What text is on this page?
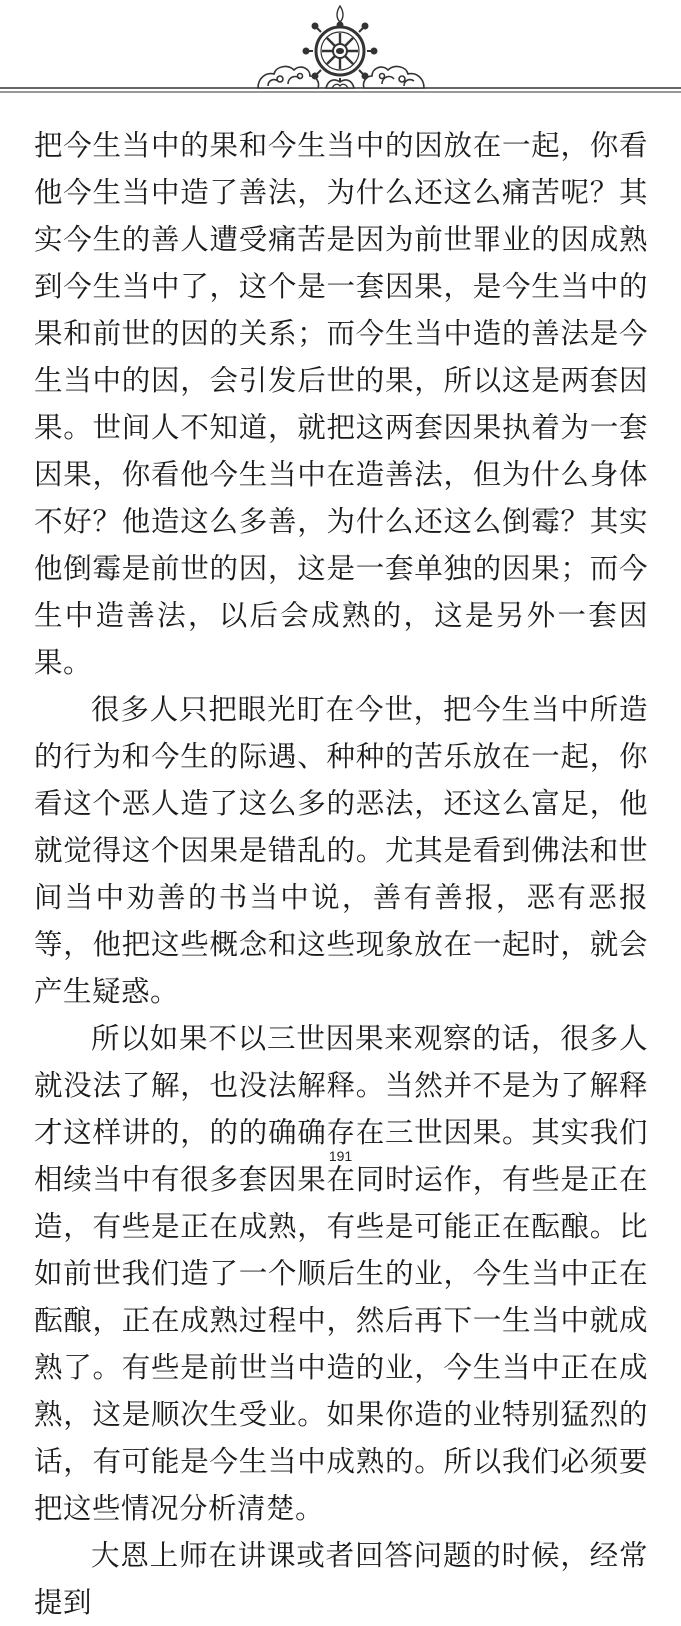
把今生当中的果和今生当中的因放在一起，你看他今生当中造了善法，为什么还这么痛苦呢？其实今生的善人遭受痛苦是因为前世罪业的因成熟到今生当中了，这个是一套因果，是今生当中的果和前世的因的关系；而今生当中造的善法是今生当中的因，会引发后世的果，所以这是两套因果。世间人不知道，就把这两套因果执着为一套因果，你看他今生当中在造善法，但为什么身体不好？他造这么多善，为什么还这么倒霉？其实他倒霉是前世的因，这是一套单独的因果；而今生中造善法，以后会成熟的，这是另外一套因果。

很多人只把眼光盯在今世，把今生当中所造的行为和今生的际遇、种种的苦乐放在一起，你看这个恶人造了这么多的恶法，还这么富足，他就觉得这个因果是错乱的。尤其是看到佛法和世间当中劝善的书当中说，善有善报，恶有恶报等，他把这些概念和这些现象放在一起时，就会产生疑惑。

所以如果不以三世因果来观察的话，很多人就没法了解，也没法解释。当然并不是为了解释才这样讲的，的的确确存在三世因果。其实我们相续当中有很多套因果在同时运作，有些是正在造，有些是正在成熟，有些是可能正在酝酿。比如前世我们造了一个顺后生的业，今生当中正在酝酿，正在成熟过程中，然后再下一生当中就成熟了。有些是前世当中造的业，今生当中正在成熟，这是顺次生受业。如果你造的业特别猛烈的话，有可能是今生当中成熟的。所以我们必须要把这些情况分析清楚。

大恩上师在讲课或者回答问题的时候，经常提到

191
